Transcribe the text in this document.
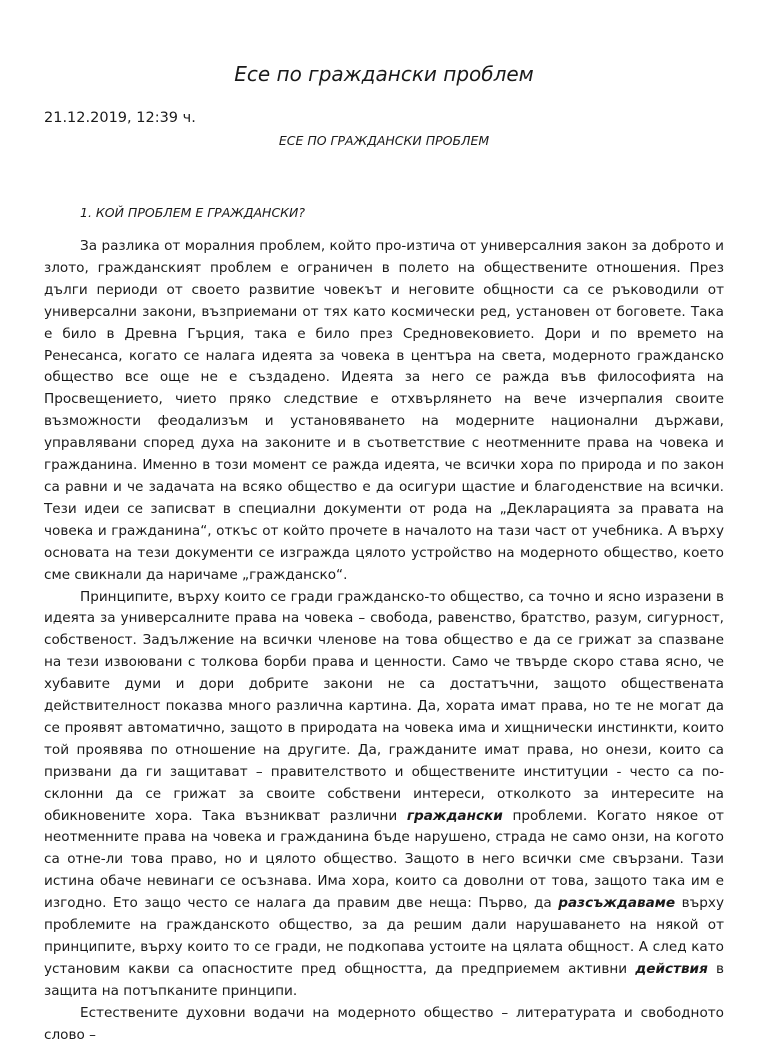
Есе по граждански проблем
21.12.2019, 12:39 ч.
ЕСЕ ПО ГРАЖДАНСКИ ПРОБЛЕМ
1. КОЙ ПРОБЛЕМ Е ГРАЖДАНСКИ?

За разлика от моралния проблем, който про-изтича от универсалния закон за доброто и злото, гражданският проблем е ограничен в полето на обществените отношения. През дълги периоди от своето развитие човекът и неговите общности са се ръководили от универсални закони, възприемани от тях като космически ред, установен от боговете. Така е било в Древна Гърция, така е било през Средновековието. Дори и по времето на Ренесанса, когато се налага идеята за човека в центъра на света, модерното гражданско общество все още не е създадено. Идеята за него се ражда във философията на Просвещението, чието пряко следствие е отхвърлянето на вече изчерпалия своите възможности феодализъм и установяването на модерните национални държави, управлявани според духа на законите и в съответствие с неотменните права на човека и гражданина. Именно в този момент се ражда идеята, че всички хора по природа и по закон са равни и че задачата на всяко общество е да осигури щастие и благоденствие на всички. Тези идеи се записват в специални документи от рода на „Декларацията за правата на човека и гражданина“, откъс от който прочете в началото на тази част от учебника. А върху основата на тези документи се изгражда цялото устройство на модерното общество, което сме свикнали да наричаме „гражданско“.

Принципите, върху които се гради гражданско-то общество, са точно и ясно изразени в идеята за универсалните права на човека – свобода, равенство, братство, разум, сигурност, собственост. Задължение на всички членове на това общество е да се грижат за спазване на тези извоювани с толкова борби права и ценности. Само че твърде скоро става ясно, че хубавите думи и дори добрите закони не са достатъчни, защото обществената действителност показва много различна картина. Да, хората имат права, но те не могат да се проявят автоматично, защото в природата на човека има и хищнически инстинкти, които той проявява по отношение на другите. Да, гражданите имат права, но онези, които са призвани да ги защитават – правителството и обществените институции - често са по-склонни да се грижат за своите собствени интереси, отколкото за интересите на обикновените хора. Така възникват различни граждански проблеми. Когато някое от неотменните права на човека и гражданина бъде нарушено, страда не само онзи, на когото са отне-ли това право, но и цялото общество. Защото в него всички сме свързани. Тази истина обаче невинаги се осъзнава. Има хора, които са доволни от това, защото така им е изгодно. Ето защо често се налага да правим две неща: Първо, да разсъждаваме върху проблемите на гражданското общество, за да решим дали нарушаването на някой от принципите, върху които то се гради, не подкопава устоите на цялата общност. А след като установим какви са опасностите пред общността, да предприемем активни действия в защита на потъпканите принципи.

Естествените духовни водачи на модерното общество – литературата и свободното слово –
